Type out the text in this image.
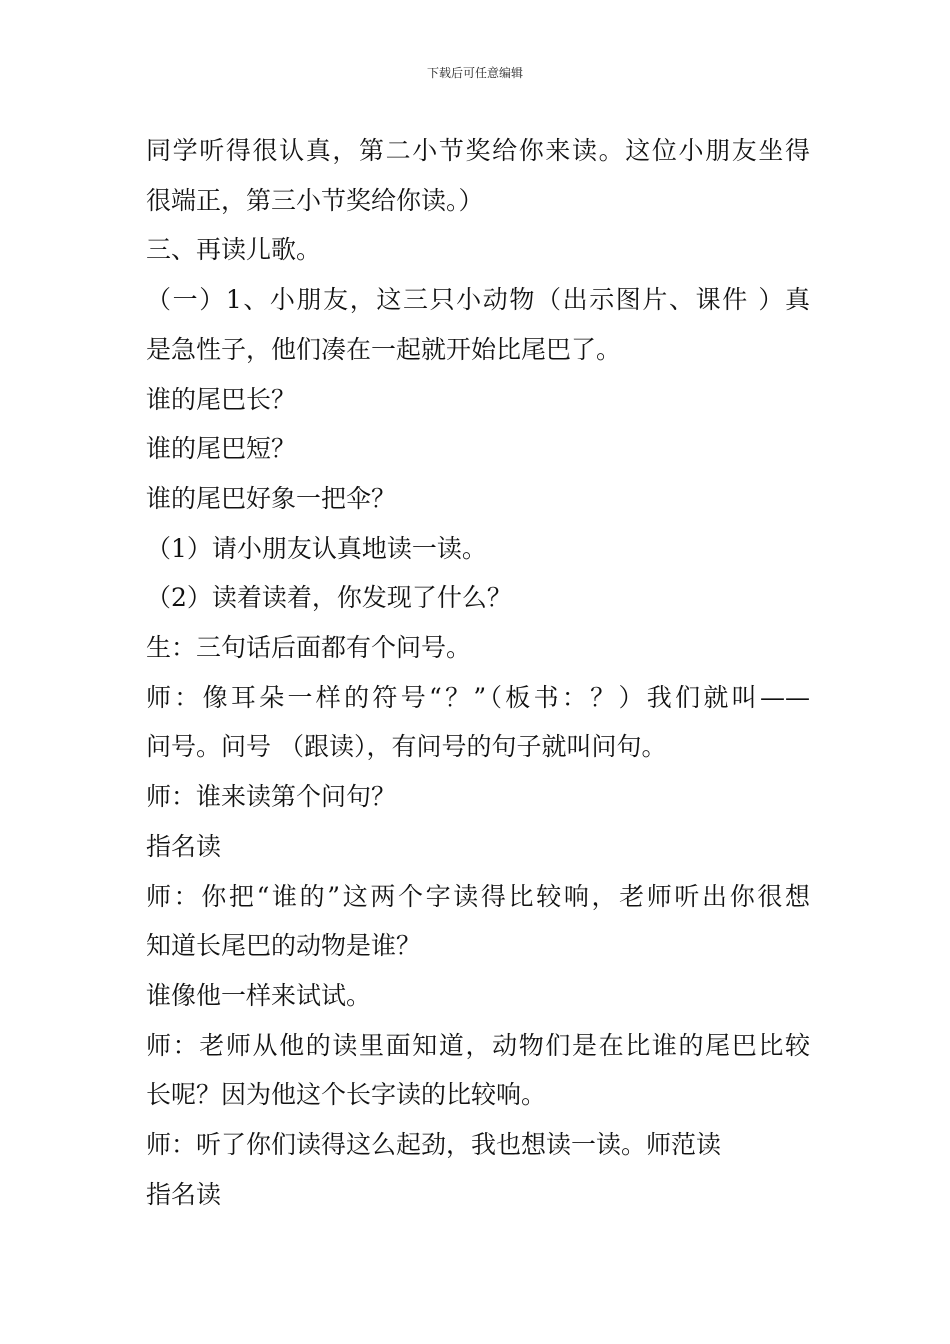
下载后可任意编辑

同学听得很认真，第二小节奖给你来读。这位小朋友坐得

很端正，第三小节奖给你读。）

三、再读儿歌。

（一）1、小朋友，这三只小动物（出示图片、课件 ）真

是急性子，他们凑在一起就开始比尾巴了。

谁的尾巴长？

谁的尾巴短？

谁的尾巴好象一把伞？

（1）请小朋友认真地读一读。

（2）读着读着，你发现了什么？

生：三句话后面都有个问号。

师：像耳朵一样的符号“？”（板书：？）我们就叫——

问号。问号 （跟读），有问号的句子就叫问句。

师：谁来读第个问句？

指名读

师：你把“谁的”这两个字读得比较响，老师听出你很想

知道长尾巴的动物是谁？

谁像他一样来试试。

师：老师从他的读里面知道，动物们是在比谁的尾巴比较

长呢？因为他这个长字读的比较响。

师：听了你们读得这么起劲，我也想读一读。师范读

指名读
